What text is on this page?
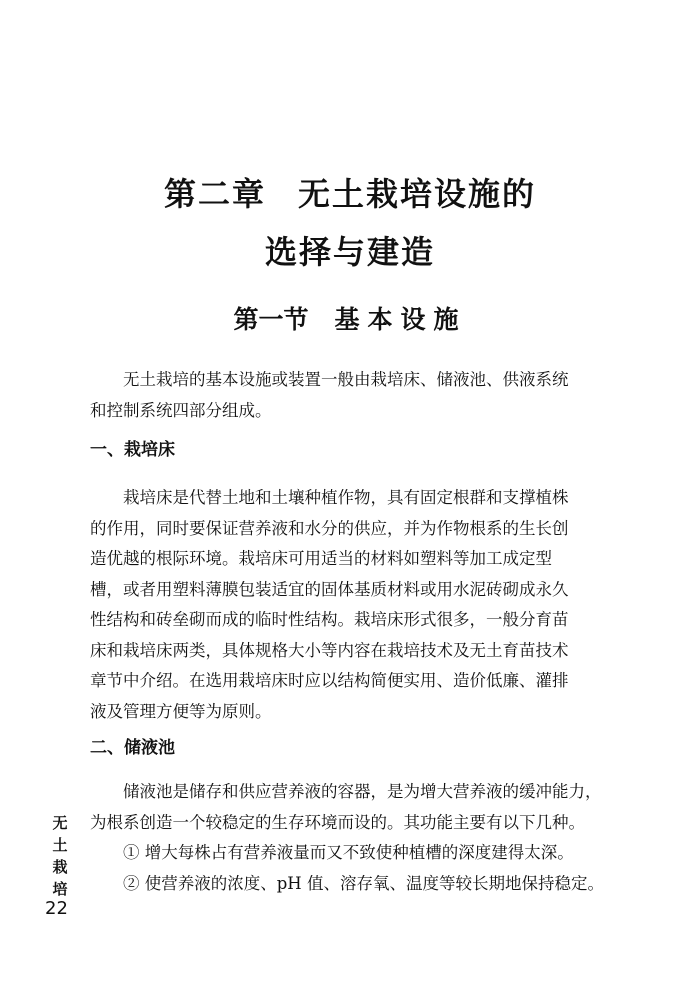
第二章 无土栽培设施的
选择与建造
第一节 基本设施

无土栽培的基本设施或装置一般由栽培床、储液池、供液系统
和控制系统四部分组成。

一、栽培床

栽培床是代替土地和土壤种植作物，具有固定根群和支撑植株
的作用，同时要保证营养液和水分的供应，并为作物根系的生长创
造优越的根际环境。栽培床可用适当的材料如塑料等加工成定型
槽，或者用塑料薄膜包装适宜的固体基质材料或用水泥砖砌成永久
性结构和砖垒砌而成的临时性结构。栽培床形式很多，一般分育苗
床和栽培床两类，具体规格大小等内容在栽培技术及无土育苗技术
章节中介绍。在选用栽培床时应以结构简便实用、造价低廉、灌排
液及管理方便等为原则。

二、储液池

储液池是储存和供应营养液的容器，是为增大营养液的缓冲能力，
为根系创造一个较稳定的生存环境而设的。其功能主要有以下几种。
① 增大每株占有营养液量而又不致使种植槽的深度建得太深。
② 使营养液的浓度、pH 值、溶存氧、温度等较长期地保持稳定。

无
土
栽
培
22
